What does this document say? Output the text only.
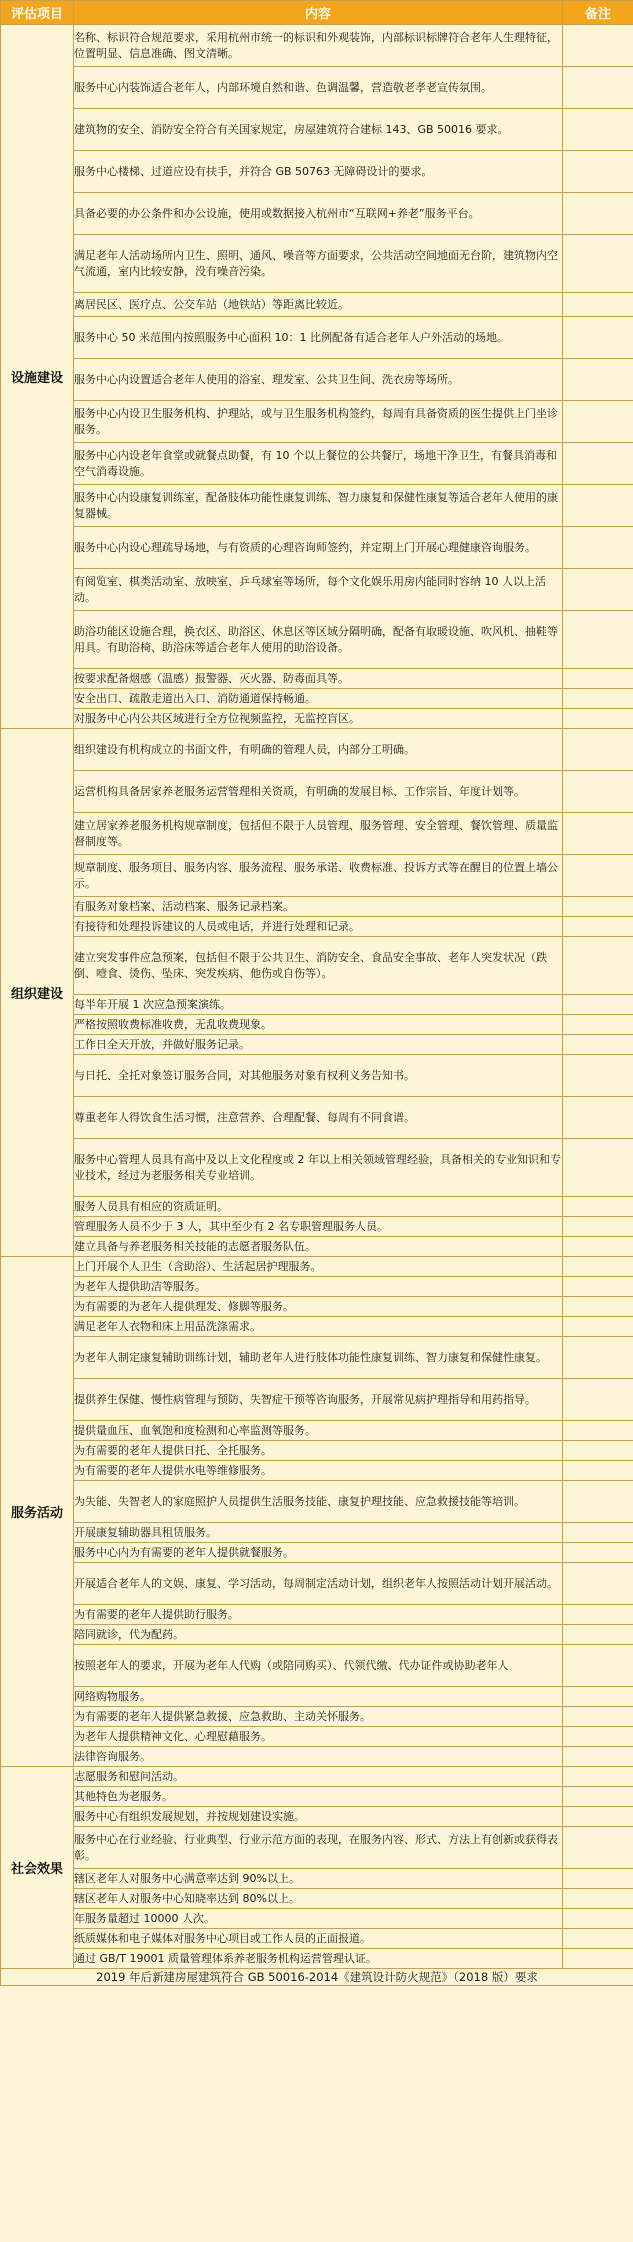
评估项目	内容	备注
设施建设	名称、标识符合规范要求，采用杭州市统一的标识和外观装饰，内部标识标牌符合老年人生理特征，位置明显、信息准确、图文清晰。	
	服务中心内装饰适合老年人，内部环境自然和谐、色调温馨，营造敬老孝老宣传氛围。	
	建筑物的安全、消防安全符合有关国家规定，房屋建筑符合建标 143、GB 50016 要求。	
	服务中心楼梯、过道应设有扶手，并符合 GB 50763 无障碍设计的要求。	
	具备必要的办公条件和办公设施，使用或数据接入杭州市“互联网+养老”服务平台。	
	满足老年人活动场所内卫生、照明、通风、噪音等方面要求，公共活动空间地面无台阶，建筑物内空气流通，室内比较安静，没有噪音污染。	
	离居民区、医疗点、公交车站（地铁站）等距离比较近。	
	服务中心 50 米范围内按照服务中心面积 10：1 比例配备有适合老年人户外活动的场地。	
	服务中心内设置适合老年人使用的浴室、理发室、公共卫生间、洗衣房等场所。	
	服务中心内设卫生服务机构、护理站，或与卫生服务机构签约，每周有具备资质的医生提供上门坐诊服务。	
	服务中心内设老年食堂或就餐点助餐，有 10 个以上餐位的公共餐厅，场地干净卫生，有餐具消毒和空气消毒设施。	
	服务中心内设康复训练室，配备肢体功能性康复训练、智力康复和保健性康复等适合老年人使用的康复器械。	
	服务中心内设心理疏导场地，与有资质的心理咨询师签约，并定期上门开展心理健康咨询服务。	
	有阅览室、棋类活动室、放映室、乒乓球室等场所，每个文化娱乐用房内能同时容纳 10 人以上活动。	
	助浴功能区设施合理，换衣区、助浴区、休息区等区域分隔明确，配备有取暖设施、吹风机、抽鞋等用具。有助浴椅、助浴床等适合老年人使用的助浴设备。	
	按要求配备烟感（温感）报警器、灭火器、防毒面具等。	
	安全出口、疏散走道出入口、消防通道保持畅通。	
	对服务中心内公共区域进行全方位视频监控，无监控盲区。	
组织建设	组织建设有机构成立的书面文件，有明确的管理人员，内部分工明确。	
	运营机构具备居家养老服务运营管理相关资质，有明确的发展目标、工作宗旨、年度计划等。	
	建立居家养老服务机构规章制度，包括但不限于人员管理、服务管理、安全管理、餐饮管理、质量监督制度等。	
	规章制度、服务项目、服务内容、服务流程、服务承诺、收费标准、投诉方式等在醒目的位置上墙公示。	
	有服务对象档案、活动档案、服务记录档案。	
	有接待和处理投诉建议的人员或电话，并进行处理和记录。	
	建立突发事件应急预案，包括但不限于公共卫生、消防安全、食品安全事故、老年人突发状况（跌倒、噎食、烫伤、坠床、突发疾病、他伤或自伤等）。	
	每半年开展 1 次应急预案演练。	
	严格按照收费标准收费，无乱收费现象。	
	工作日全天开放，并做好服务记录。	
	与日托、全托对象签订服务合同，对其他服务对象有权利义务告知书。	
	尊重老年人得饮食生活习惯，注意营养、合理配餐、每周有不同食谱。	
	服务中心管理人员具有高中及以上文化程度或 2 年以上相关领域管理经验，具备相关的专业知识和专业技术，经过为老服务相关专业培训。	
	服务人员具有相应的资质证明。	
	管理服务人员不少于 3 人，其中至少有 2 名专职管理服务人员。	
	建立具备与养老服务相关技能的志愿者服务队伍。	
服务活动	上门开展个人卫生（含助浴）、生活起居护理服务。	
	为老年人提供助洁等服务。	
	为有需要的为老年人提供理发、修脚等服务。	
	满足老年人衣物和床上用品洗涤需求。	
	为老年人制定康复辅助训练计划，辅助老年人进行肢体功能性康复训练、智力康复和保健性康复。	
	提供养生保健、慢性病管理与预防、失智症干预等咨询服务，开展常见病护理指导和用药指导。	
	提供量血压、血氧饱和度检测和心率监测等服务。	
	为有需要的老年人提供日托、全托服务。	
	为有需要的老年人提供水电等维修服务。	
	为失能、失智老人的家庭照护人员提供生活服务技能、康复护理技能、应急救援技能等培训。	
	开展康复辅助器具租赁服务。	
	服务中心内为有需要的老年人提供就餐服务。	
	开展适合老年人的文娱、康复、学习活动，每周制定活动计划，组织老年人按照活动计划开展活动。	
	为有需要的老年人提供助行服务。	
	陪同就诊，代为配药。	
	按照老年人的要求，开展为老年人代购（或陪同购买）、代领代缴、代办证件或协助老年人	
	网络购物服务。	
	为有需要的老年人提供紧急救援、应急救助、主动关怀服务。	
	为老年人提供精神文化、心理慰藉服务。	
	法律咨询服务。	
社会效果	志愿服务和慰问活动。	
	其他特色为老服务。	
	服务中心有组织发展规划，并按规划建设实施。	
	服务中心在行业经验、行业典型、行业示范方面的表现，在服务内容、形式、方法上有创新或获得表彰。	
	辖区老年人对服务中心满意率达到 90%以上。	
	辖区老年人对服务中心知晓率达到 80%以上。	
	年服务量超过 10000 人次。	
	纸质媒体和电子媒体对服务中心项目或工作人员的正面报道。	
	通过 GB/T 19001 质量管理体系养老服务机构运营管理认证。	
2019 年后新建房屋建筑符合 GB 50016-2014《建筑设计防火规范》（2018 版）要求		
